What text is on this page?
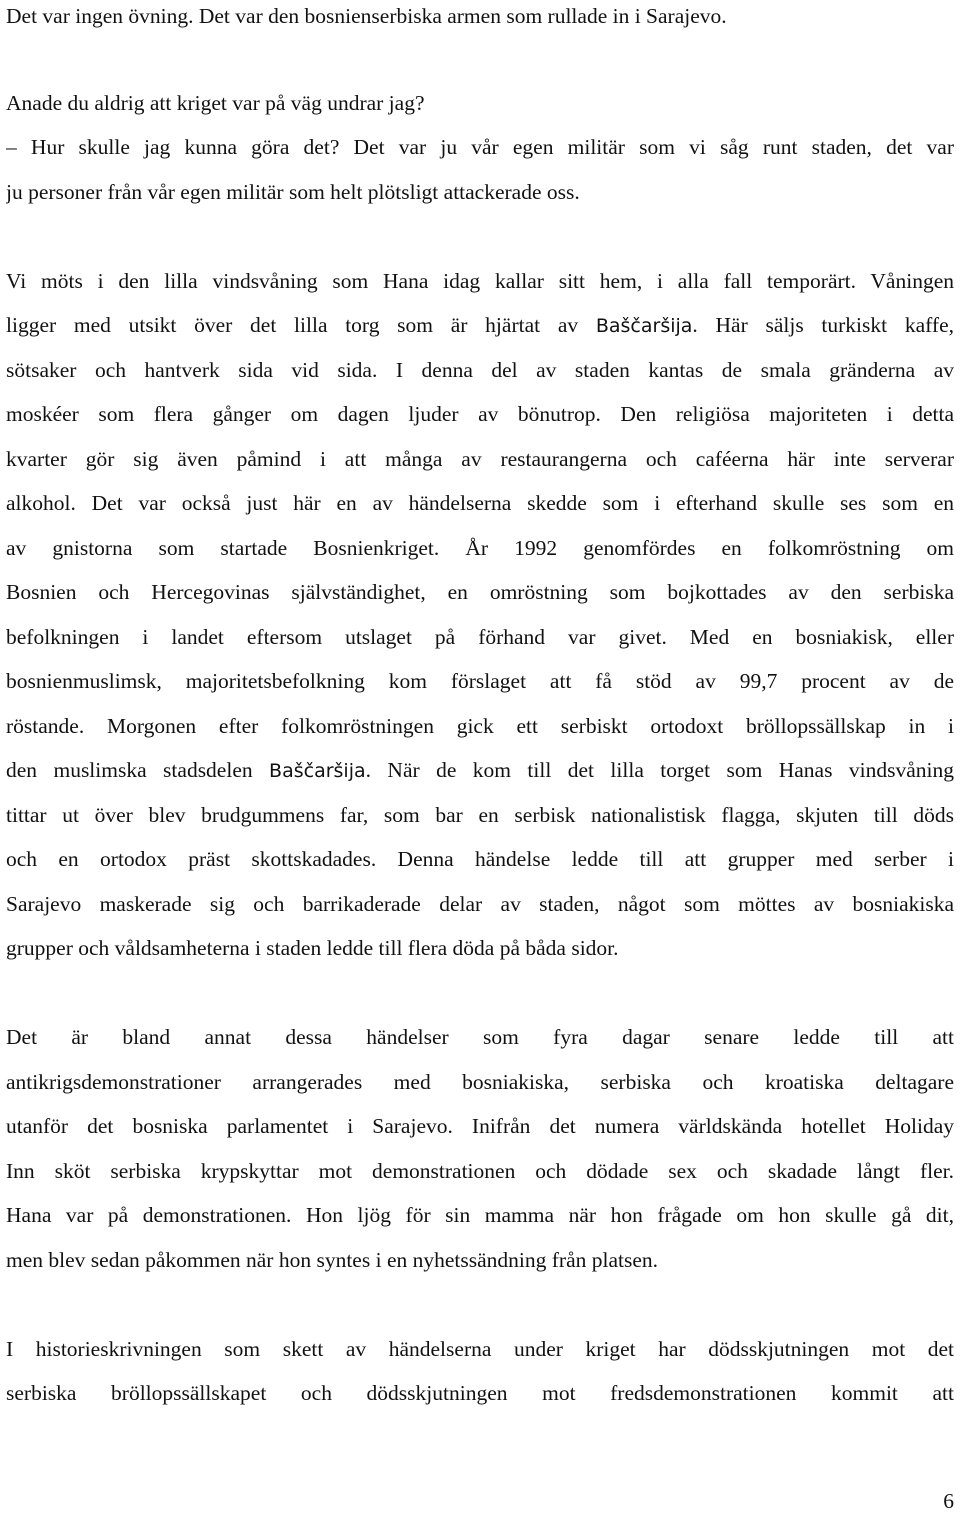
Det var ingen övning. Det var den bosnienserbiska armen som rullade in i Sarajevo.
Anade du aldrig att kriget var på väg undrar jag?
– Hur skulle jag kunna göra det? Det var ju vår egen militär som vi såg runt staden, det var
ju personer från vår egen militär som helt plötsligt attackerade oss.
Vi möts i den lilla vindsvåning som Hana idag kallar sitt hem, i alla fall temporärt. Våningen
ligger med utsikt över det lilla torg som är hjärtat av Baščaršija. Här säljs turkiskt kaffe,
sötsaker och hantverk sida vid sida. I denna del av staden kantas de smala gränderna av
moskéer som flera gånger om dagen ljuder av bönutrop. Den religiösa majoriteten i detta
kvarter gör sig även påmind i att många av restaurangerna och caféerna här inte serverar
alkohol. Det var också just här en av händelserna skedde som i efterhand skulle ses som en
av gnistorna som startade Bosnienkriget. År 1992 genomfördes en folkomröstning om
Bosnien och Hercegovinas självständighet, en omröstning som bojkottades av den serbiska
befolkningen i landet eftersom utslaget på förhand var givet. Med en bosniakisk, eller
bosnienmuslimsk, majoritetsbefolkning kom förslaget att få stöd av 99,7 procent av de
röstande. Morgonen efter folkomröstningen gick ett serbiskt ortodoxt bröllopssällskap in i
den muslimska stadsdelen Baščaršija. När de kom till det lilla torget som Hanas vindsvåning
tittar ut över blev brudgummens far, som bar en serbisk nationalistisk flagga, skjuten till döds
och en ortodox präst skottskadades. Denna händelse ledde till att grupper med serber i
Sarajevo maskerade sig och barrikaderade delar av staden, något som möttes av bosniakiska
grupper och våldsamheterna i staden ledde till flera döda på båda sidor.
Det är bland annat dessa händelser som fyra dagar senare ledde till att
antikrigsdemonstrationer arrangerades med bosniakiska, serbiska och kroatiska deltagare
utanför det bosniska parlamentet i Sarajevo. Inifrån det numera världskända hotellet Holiday
Inn sköt serbiska krypskyttar mot demonstrationen och dödade sex och skadade långt fler.
Hana var på demonstrationen. Hon ljög för sin mamma när hon frågade om hon skulle gå dit,
men blev sedan påkommen när hon syntes i en nyhetssändning från platsen.
I historieskrivningen som skett av händelserna under kriget har dödsskjutningen mot det
serbiska bröllopssällskapet och dödsskjutningen mot fredsdemonstrationen kommit att
6
